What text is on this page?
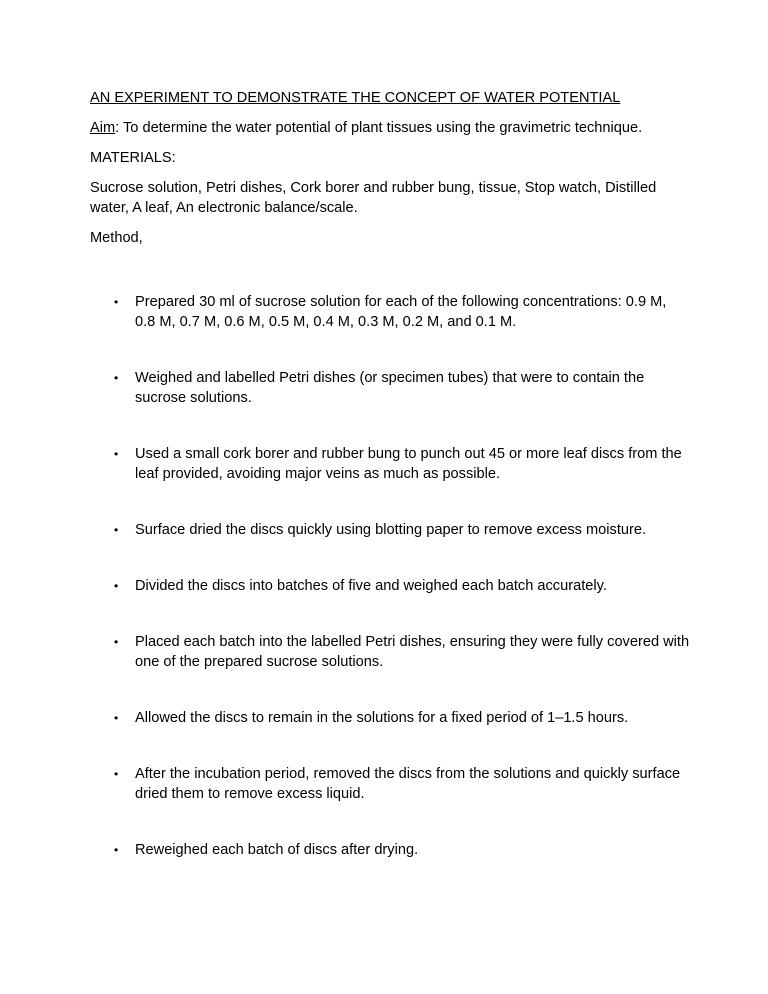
AN EXPERIMENT TO DEMONSTRATE THE CONCEPT OF WATER POTENTIAL

Aim: To determine the water potential of plant tissues using the gravimetric technique.

MATERIALS:

Sucrose solution, Petri dishes, Cork borer and rubber bung, tissue, Stop watch, Distilled water, A leaf, An electronic balance/scale.

Method,

• Prepared 30 ml of sucrose solution for each of the following concentrations: 0.9 M, 0.8 M, 0.7 M, 0.6 M, 0.5 M, 0.4 M, 0.3 M, 0.2 M, and 0.1 M.
• Weighed and labelled Petri dishes (or specimen tubes) that were to contain the sucrose solutions.
• Used a small cork borer and rubber bung to punch out 45 or more leaf discs from the leaf provided, avoiding major veins as much as possible.
• Surface dried the discs quickly using blotting paper to remove excess moisture.
• Divided the discs into batches of five and weighed each batch accurately.
• Placed each batch into the labelled Petri dishes, ensuring they were fully covered with one of the prepared sucrose solutions.
• Allowed the discs to remain in the solutions for a fixed period of 1–1.5 hours.
• After the incubation period, removed the discs from the solutions and quickly surface dried them to remove excess liquid.
• Reweighed each batch of discs after drying.
